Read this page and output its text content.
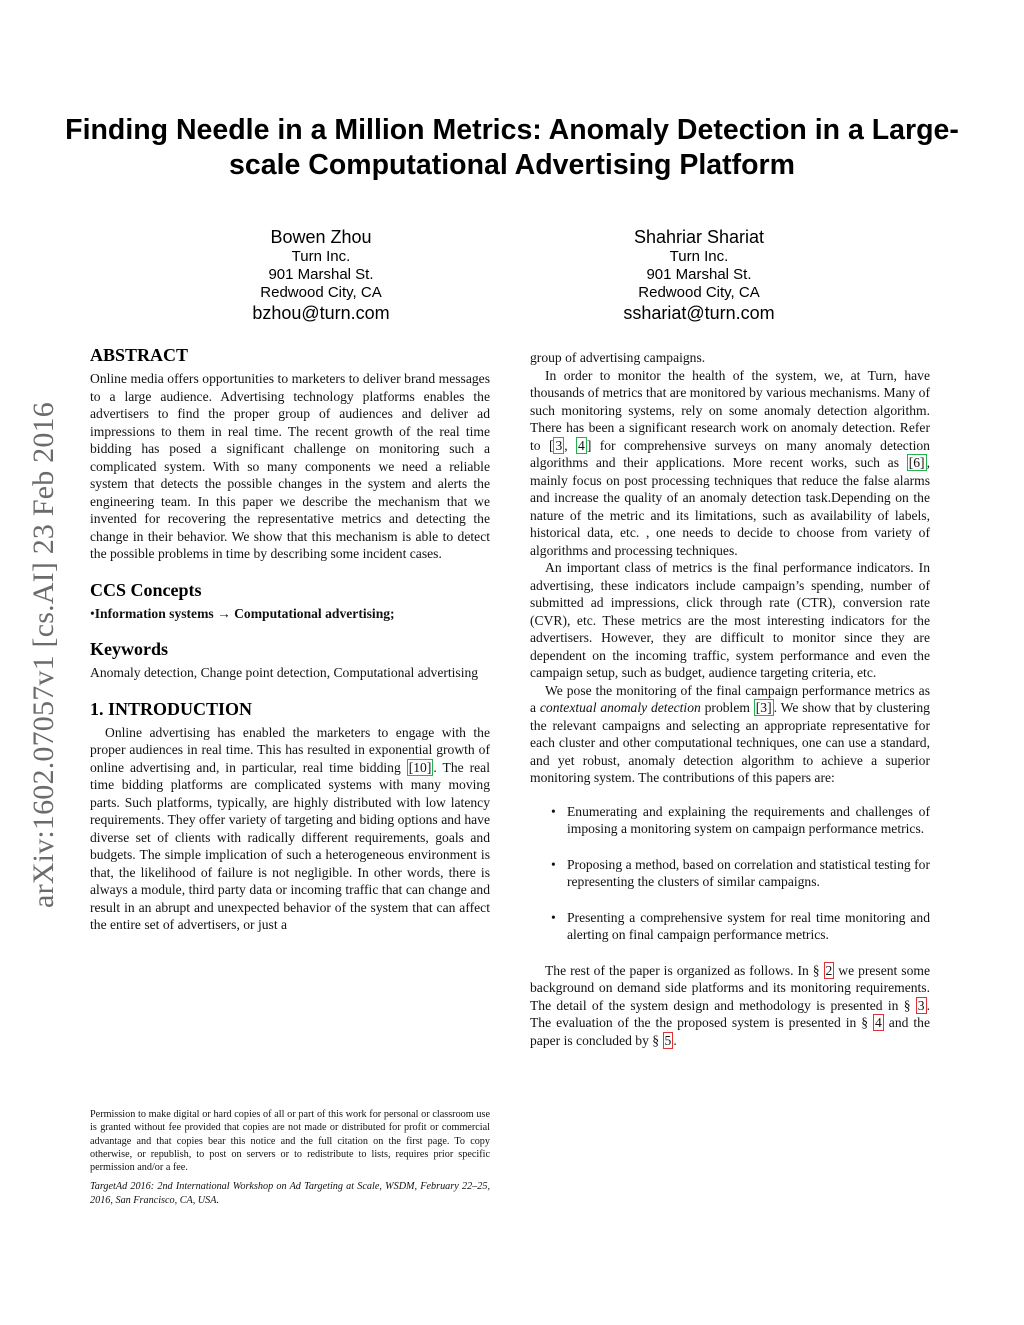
arXiv:1602.07057v1 [cs.AI] 23 Feb 2016
Finding Needle in a Million Metrics: Anomaly Detection in a Large-scale Computational Advertising Platform
Bowen Zhou
Turn Inc.
901 Marshal St.
Redwood City, CA
bzhou@turn.com
Shahriar Shariat
Turn Inc.
901 Marshal St.
Redwood City, CA
sshariat@turn.com
ABSTRACT

Online media offers opportunities to marketers to deliver brand messages to a large audience. Advertising technology platforms enables the advertisers to find the proper group of audiences and deliver ad impressions to them in real time. The recent growth of the real time bidding has posed a significant challenge on monitoring such a complicated system. With so many components we need a reliable system that detects the possible changes in the system and alerts the engineering team. In this paper we describe the mechanism that we invented for recovering the representative metrics and detecting the change in their behavior. We show that this mechanism is able to detect the possible problems in time by describing some incident cases.

CCS Concepts

•Information systems → Computational advertising;

Keywords

Anomaly detection, Change point detection, Computational advertising

1. INTRODUCTION

Online advertising has enabled the marketers to engage with the proper audiences in real time. This has resulted in exponential growth of online advertising and, in particular, real time bidding [10] . The real time bidding platforms are complicated systems with many moving parts. Such platforms, typically, are highly distributed with low latency requirements. They offer variety of targeting and biding options and have diverse set of clients with radically different requirements, goals and budgets. The simple implication of such a heterogeneous environment is that, the likelihood of failure is not negligible. In other words, there is always a module, third party data or incoming traffic that can change and result in an abrupt and unexpected behavior of the system that can affect the entire set of advertisers, or just a

Permission to make digital or hard copies of all or part of this work for personal or classroom use is granted without fee provided that copies are not made or distributed for profit or commercial advantage and that copies bear this notice and the full citation on the first page. To copy otherwise, or republish, to post on servers or to redistribute to lists, requires prior specific permission and/or a fee.

TargetAd 2016: 2nd International Workshop on Ad Targeting at Scale, WSDM, February 22–25, 2016, San Francisco, CA, USA.

group of advertising campaigns.

In order to monitor the health of the system, we, at Turn, have thousands of metrics that are monitored by various mechanisms. Many of such monitoring systems, rely on some anomaly detection algorithm. There has been a significant research work on anomaly detection. Refer to [ 3 , 4 ] for comprehensive surveys on many anomaly detection algorithms and their applications. More recent works, such as [6] , mainly focus on post processing techniques that reduce the false alarms and increase the quality of an anomaly detection task.Depending on the nature of the metric and its limitations, such as availability of labels, historical data, etc. , one needs to decide to choose from variety of algorithms and processing techniques.

An important class of metrics is the final performance indicators. In advertising, these indicators include campaign’s spending, number of submitted ad impressions, click through rate (CTR), conversion rate (CVR), etc. These metrics are the most interesting indicators for the advertisers. However, they are difficult to monitor since they are dependent on the incoming traffic, system performance and even the campaign setup, such as budget, audience targeting criteria, etc.

We pose the monitoring of the final campaign performance metrics as a contextual anomaly detection problem [3] . We show that by clustering the relevant campaigns and selecting an appropriate representative for each cluster and other computational techniques, one can use a standard, and yet robust, anomaly detection algorithm to achieve a superior monitoring system. The contributions of this papers are:

• Enumerating and explaining the requirements and challenges of imposing a monitoring system on campaign performance metrics.
• Proposing a method, based on correlation and statistical testing for representing the clusters of similar campaigns.
• Presenting a comprehensive system for real time monitoring and alerting on final campaign performance metrics.

The rest of the paper is organized as follows. In § 2 we present some background on demand side platforms and its monitoring requirements. The detail of the system design and methodology is presented in § 3 . The evaluation of the the proposed system is presented in § 4 and the paper is concluded by § 5 .
